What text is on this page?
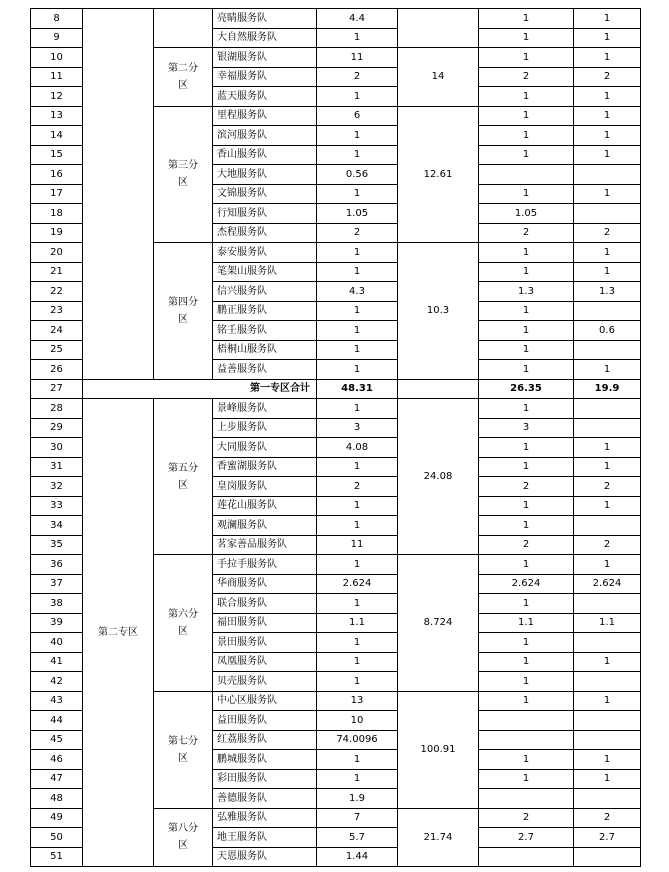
8			亮睛服务队	4.4		1	1
9			大自然服务队	1		1	1
10		第二分区	银湖服务队	11	14	1	1
11			幸福服务队	2		2	2
12			蓝天服务队	1		1	1
13		第三分区	里程服务队	6	12.61	1	1
14			滨河服务队	1		1	1
15			香山服务队	1		1	1
16			大地服务队	0.56			
17			文锦服务队	1		1	1
18			行知服务队	1.05		1.05	
19			杰程服务队	2		2	2
20		第四分区	泰安服务队	1	10.3	1	1
21			笔架山服务队	1		1	1
22			信兴服务队	4.3		1.3	1.3
23			鹏正服务队	1		1	
24			铭壬服务队	1		1	0.6
25			梧桐山服务队	1		1	
26			益善服务队	1		1	1
27	第一专区合计			48.31		26.35	19.9
28	第二专区	第五分区	景峰服务队	1	24.08	1	
29			上步服务队	3		3	
30			大同服务队	4.08		1	1
31			香蜜湖服务队	1		1	1
32			皇岗服务队	2		2	2
33			莲花山服务队	1		1	1
34			观澜服务队	1		1	
35			茗家善品服务队	11		2	2
36		第六分区	手拉手服务队	1	8.724	1	1
37			华商服务队	2.624		2.624	2.624
38			联合服务队	1		1	
39			福田服务队	1.1		1.1	1.1
40			景田服务队	1		1	
41			凤凰服务队	1		1	1
42			贝壳服务队	1		1	
43		第七分区	中心区服务队	13	100.91	1	1
44			益田服务队	10			
45			红荔服务队	74.0096			
46			鹏城服务队	1		1	1
47			彩田服务队	1		1	1
48			善德服务队	1.9			
49		第八分区	弘雅服务队	7	21.74	2	2
50			地王服务队	5.7		2.7	2.7
51			天恩服务队	1.44			
